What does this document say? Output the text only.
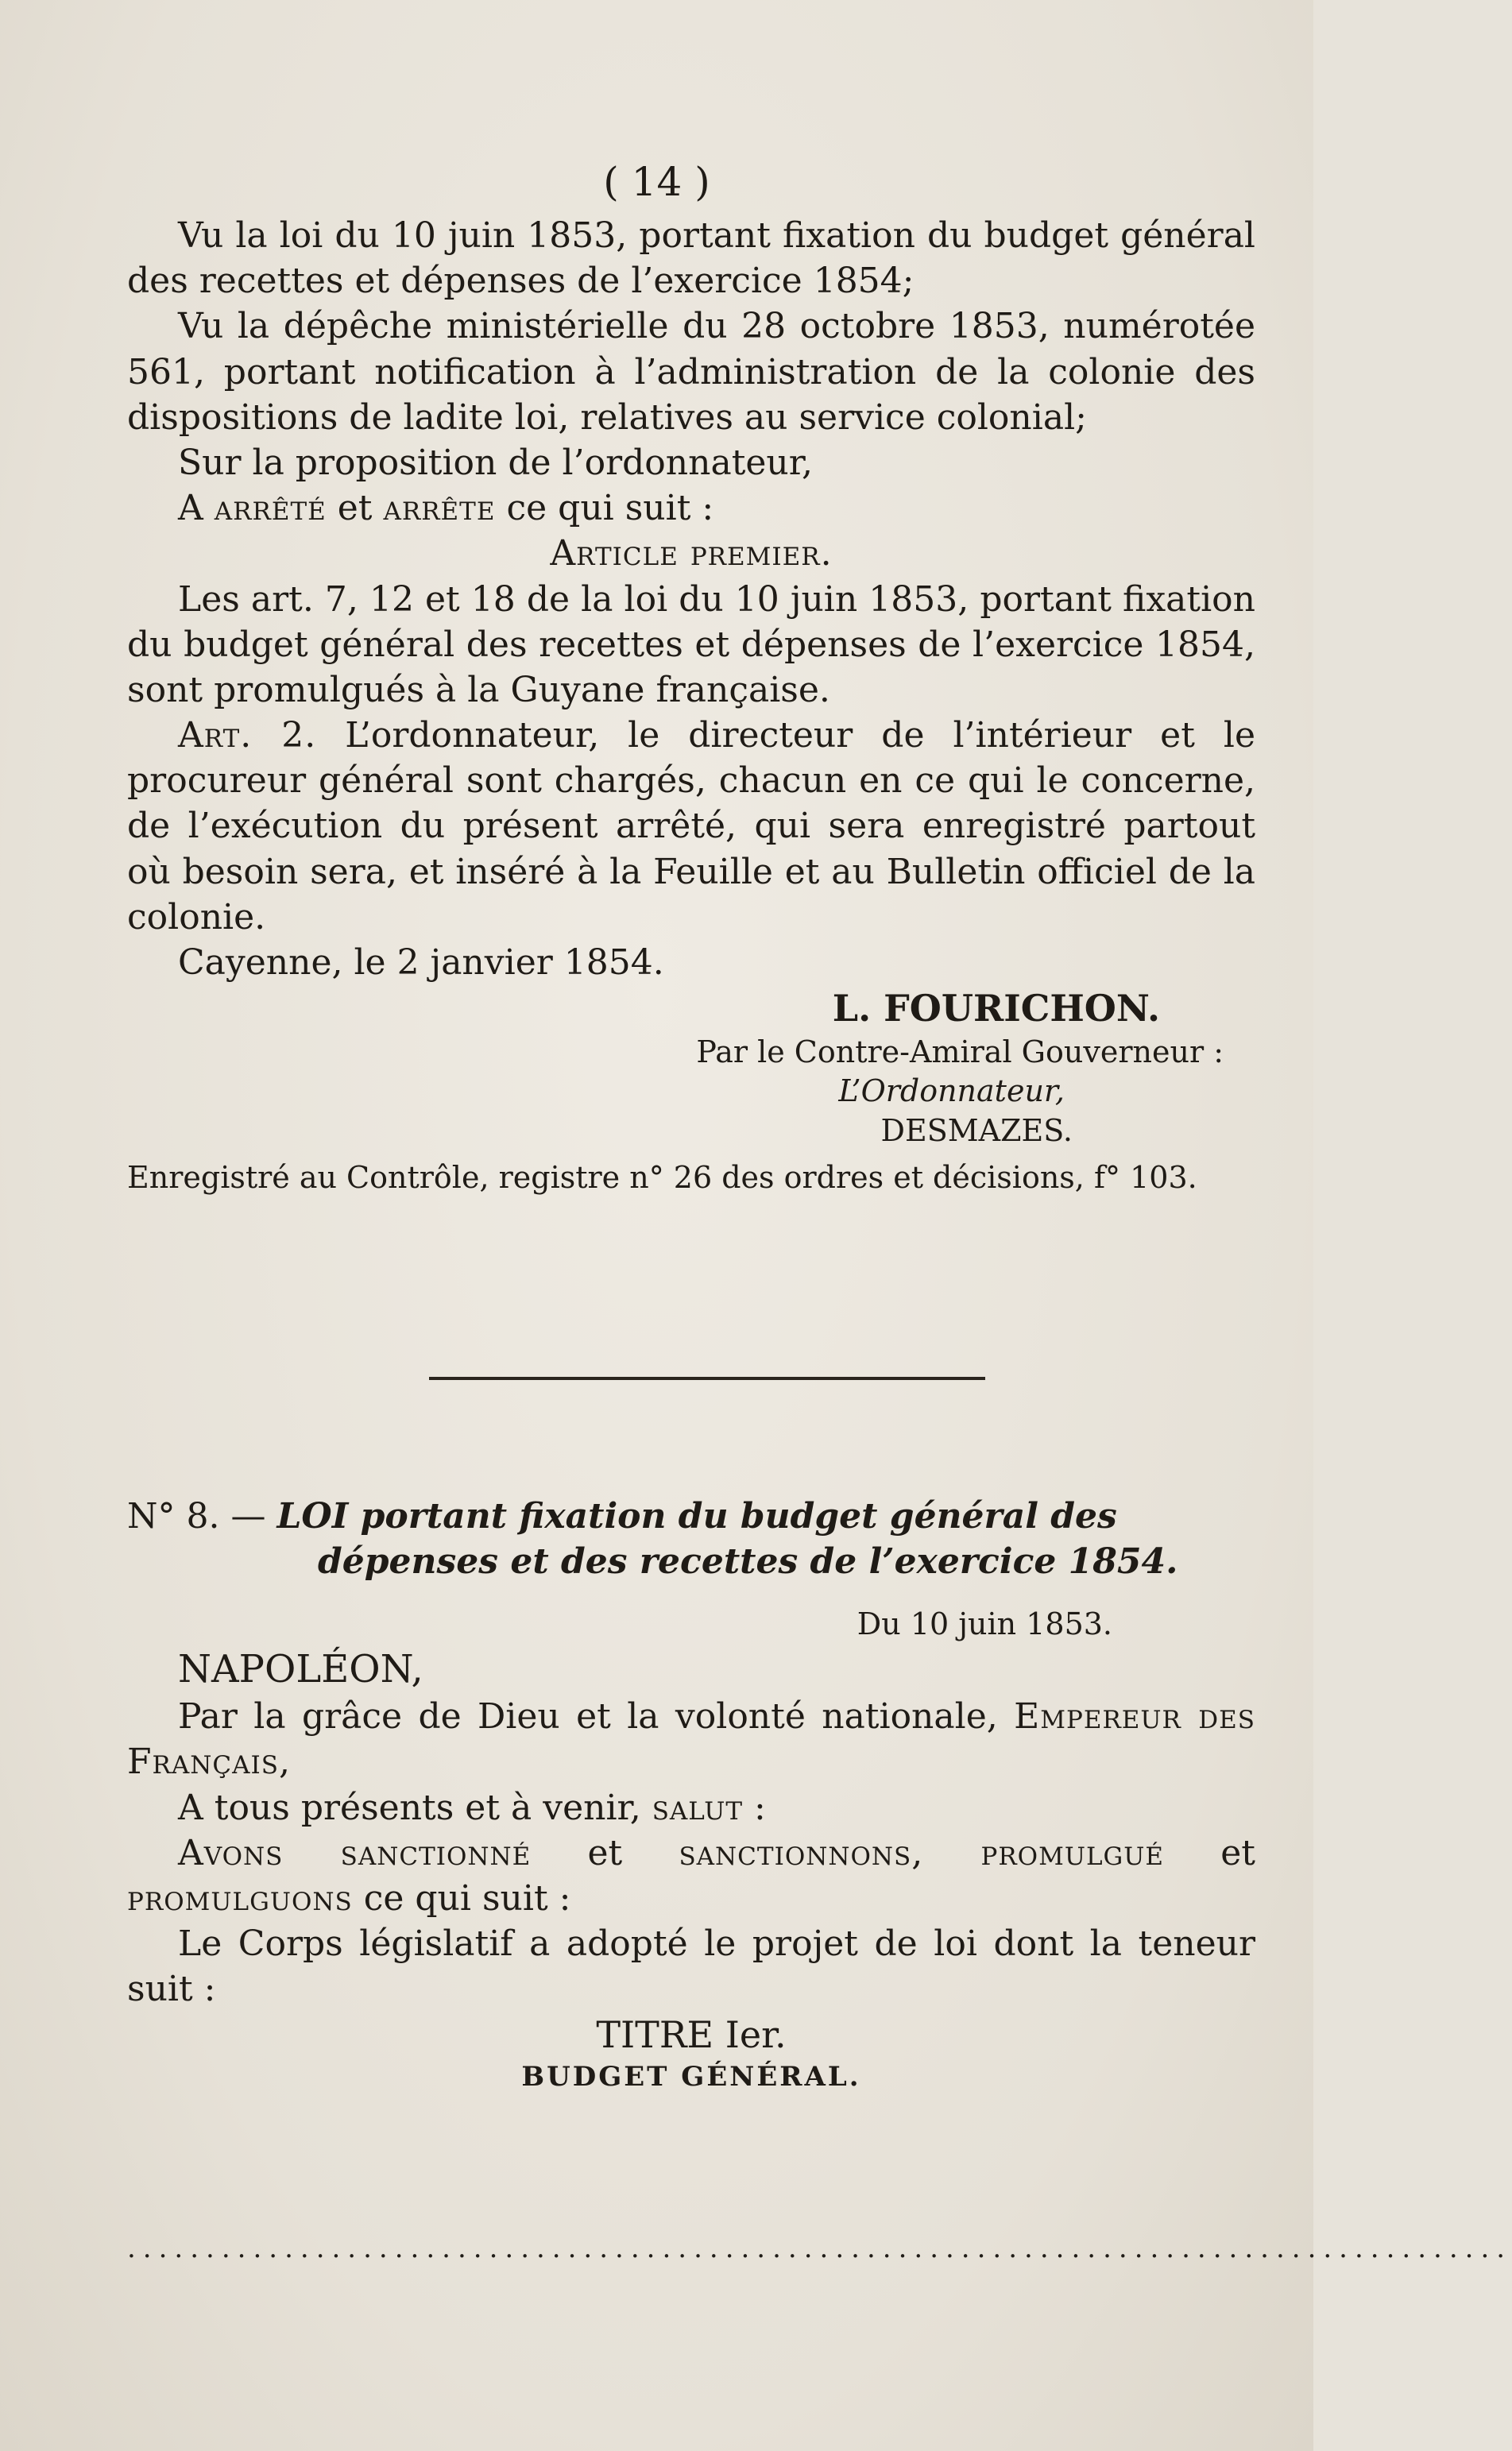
( 14 )

Vu la loi du 10 juin 1853, portant fixation du budget général des recettes et dépenses de l’exercice 1854;

Vu la dépêche ministérielle du 28 octobre 1853, numérotée 561, portant notification à l’administration de la colonie des dispositions de ladite loi, relatives au service colonial;

Sur la proposition de l’ordonnateur,

A arrêté et arrête ce qui suit :

Article premier.

Les art. 7, 12 et 18 de la loi du 10 juin 1853, portant fixation du budget général des recettes et dépenses de l’exercice 1854, sont promulgués à la Guyane française.

Art. 2. L’ordonnateur, le directeur de l’intérieur et le procureur général sont chargés, chacun en ce qui le concerne, de l’exécution du présent arrêté, qui sera enregistré partout où besoin sera, et inséré à la Feuille et au Bulletin officiel de la colonie.

Cayenne, le 2 janvier 1854.

L. FOURICHON.

Par le Contre-Amiral Gouverneur :

L’Ordonnateur,

DESMAZES.

Enregistré au Contrôle, registre n° 26 des ordres et décisions, f° 103.

N° 8. — LOI portant fixation du budget général des dépenses et des recettes de l’exercice 1854.

Du 10 juin 1853.

NAPOLÉON,

Par la grâce de Dieu et la volonté nationale, Empereur des Français,

A tous présents et à venir, salut :

Avons sanctionné et sanctionnons, promulgué et promulguons ce qui suit :

Le Corps législatif a adopté le projet de loi dont la teneur suit :

TITRE Ier.

BUDGET GÉNÉRAL.

........................................................................................
